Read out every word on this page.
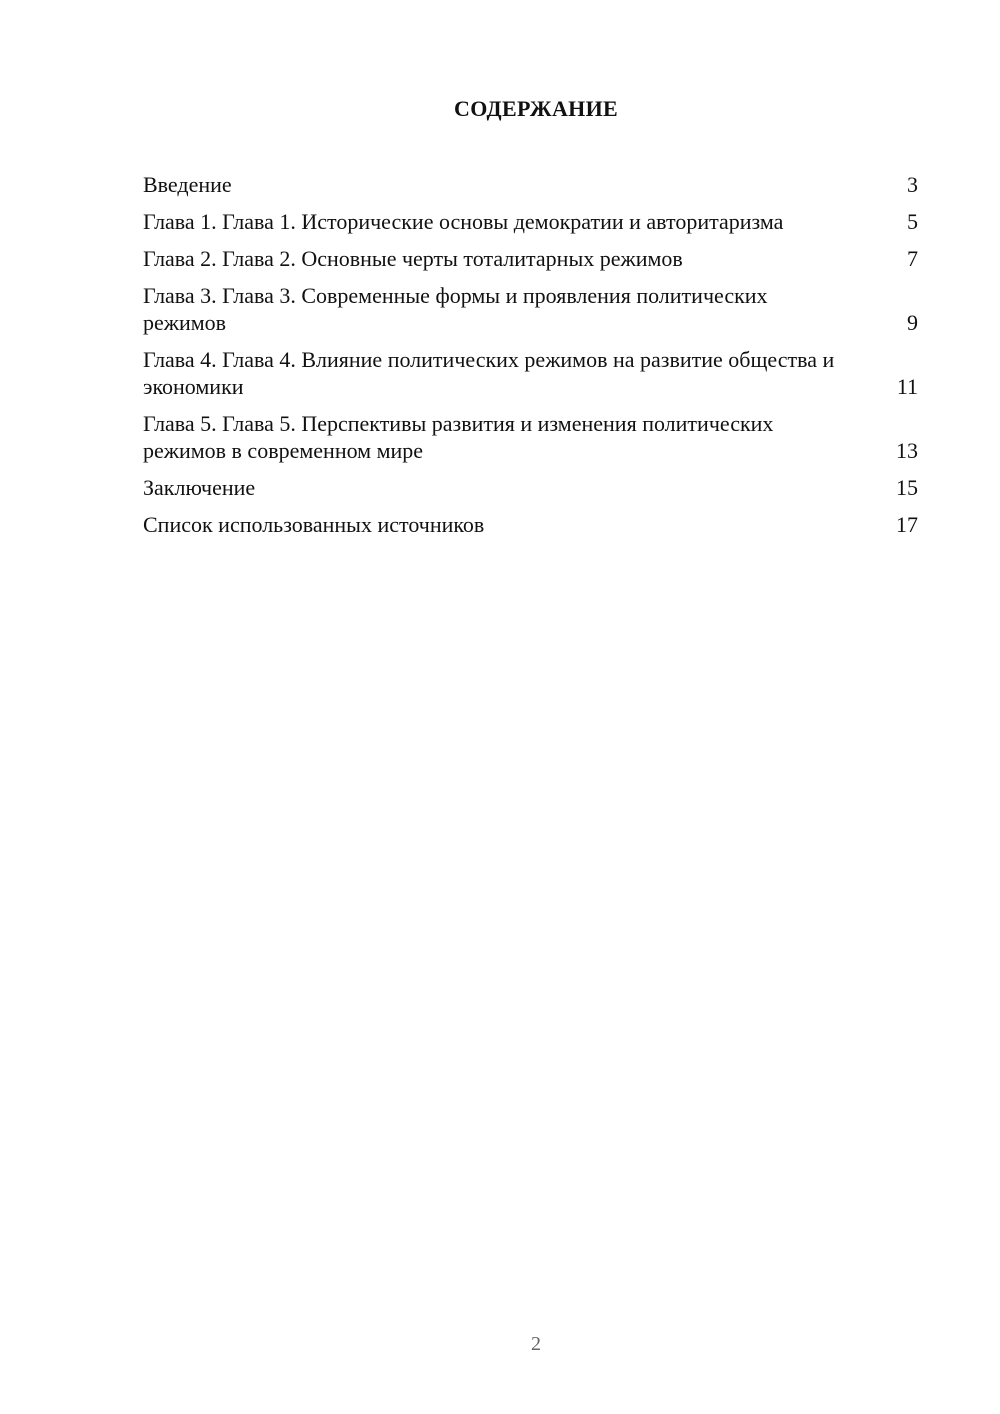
СОДЕРЖАНИЕ
Введение	3
Глава 1. Глава 1. Исторические основы демократии и авторитаризма	5
Глава 2. Глава 2. Основные черты тоталитарных режимов	7
Глава 3. Глава 3. Современные формы и проявления политических режимов	9
Глава 4. Глава 4. Влияние политических режимов на развитие общества и экономики	11
Глава 5. Глава 5. Перспективы развития и изменения политических режимов в современном мире	13
Заключение	15
Список использованных источников	17
2
